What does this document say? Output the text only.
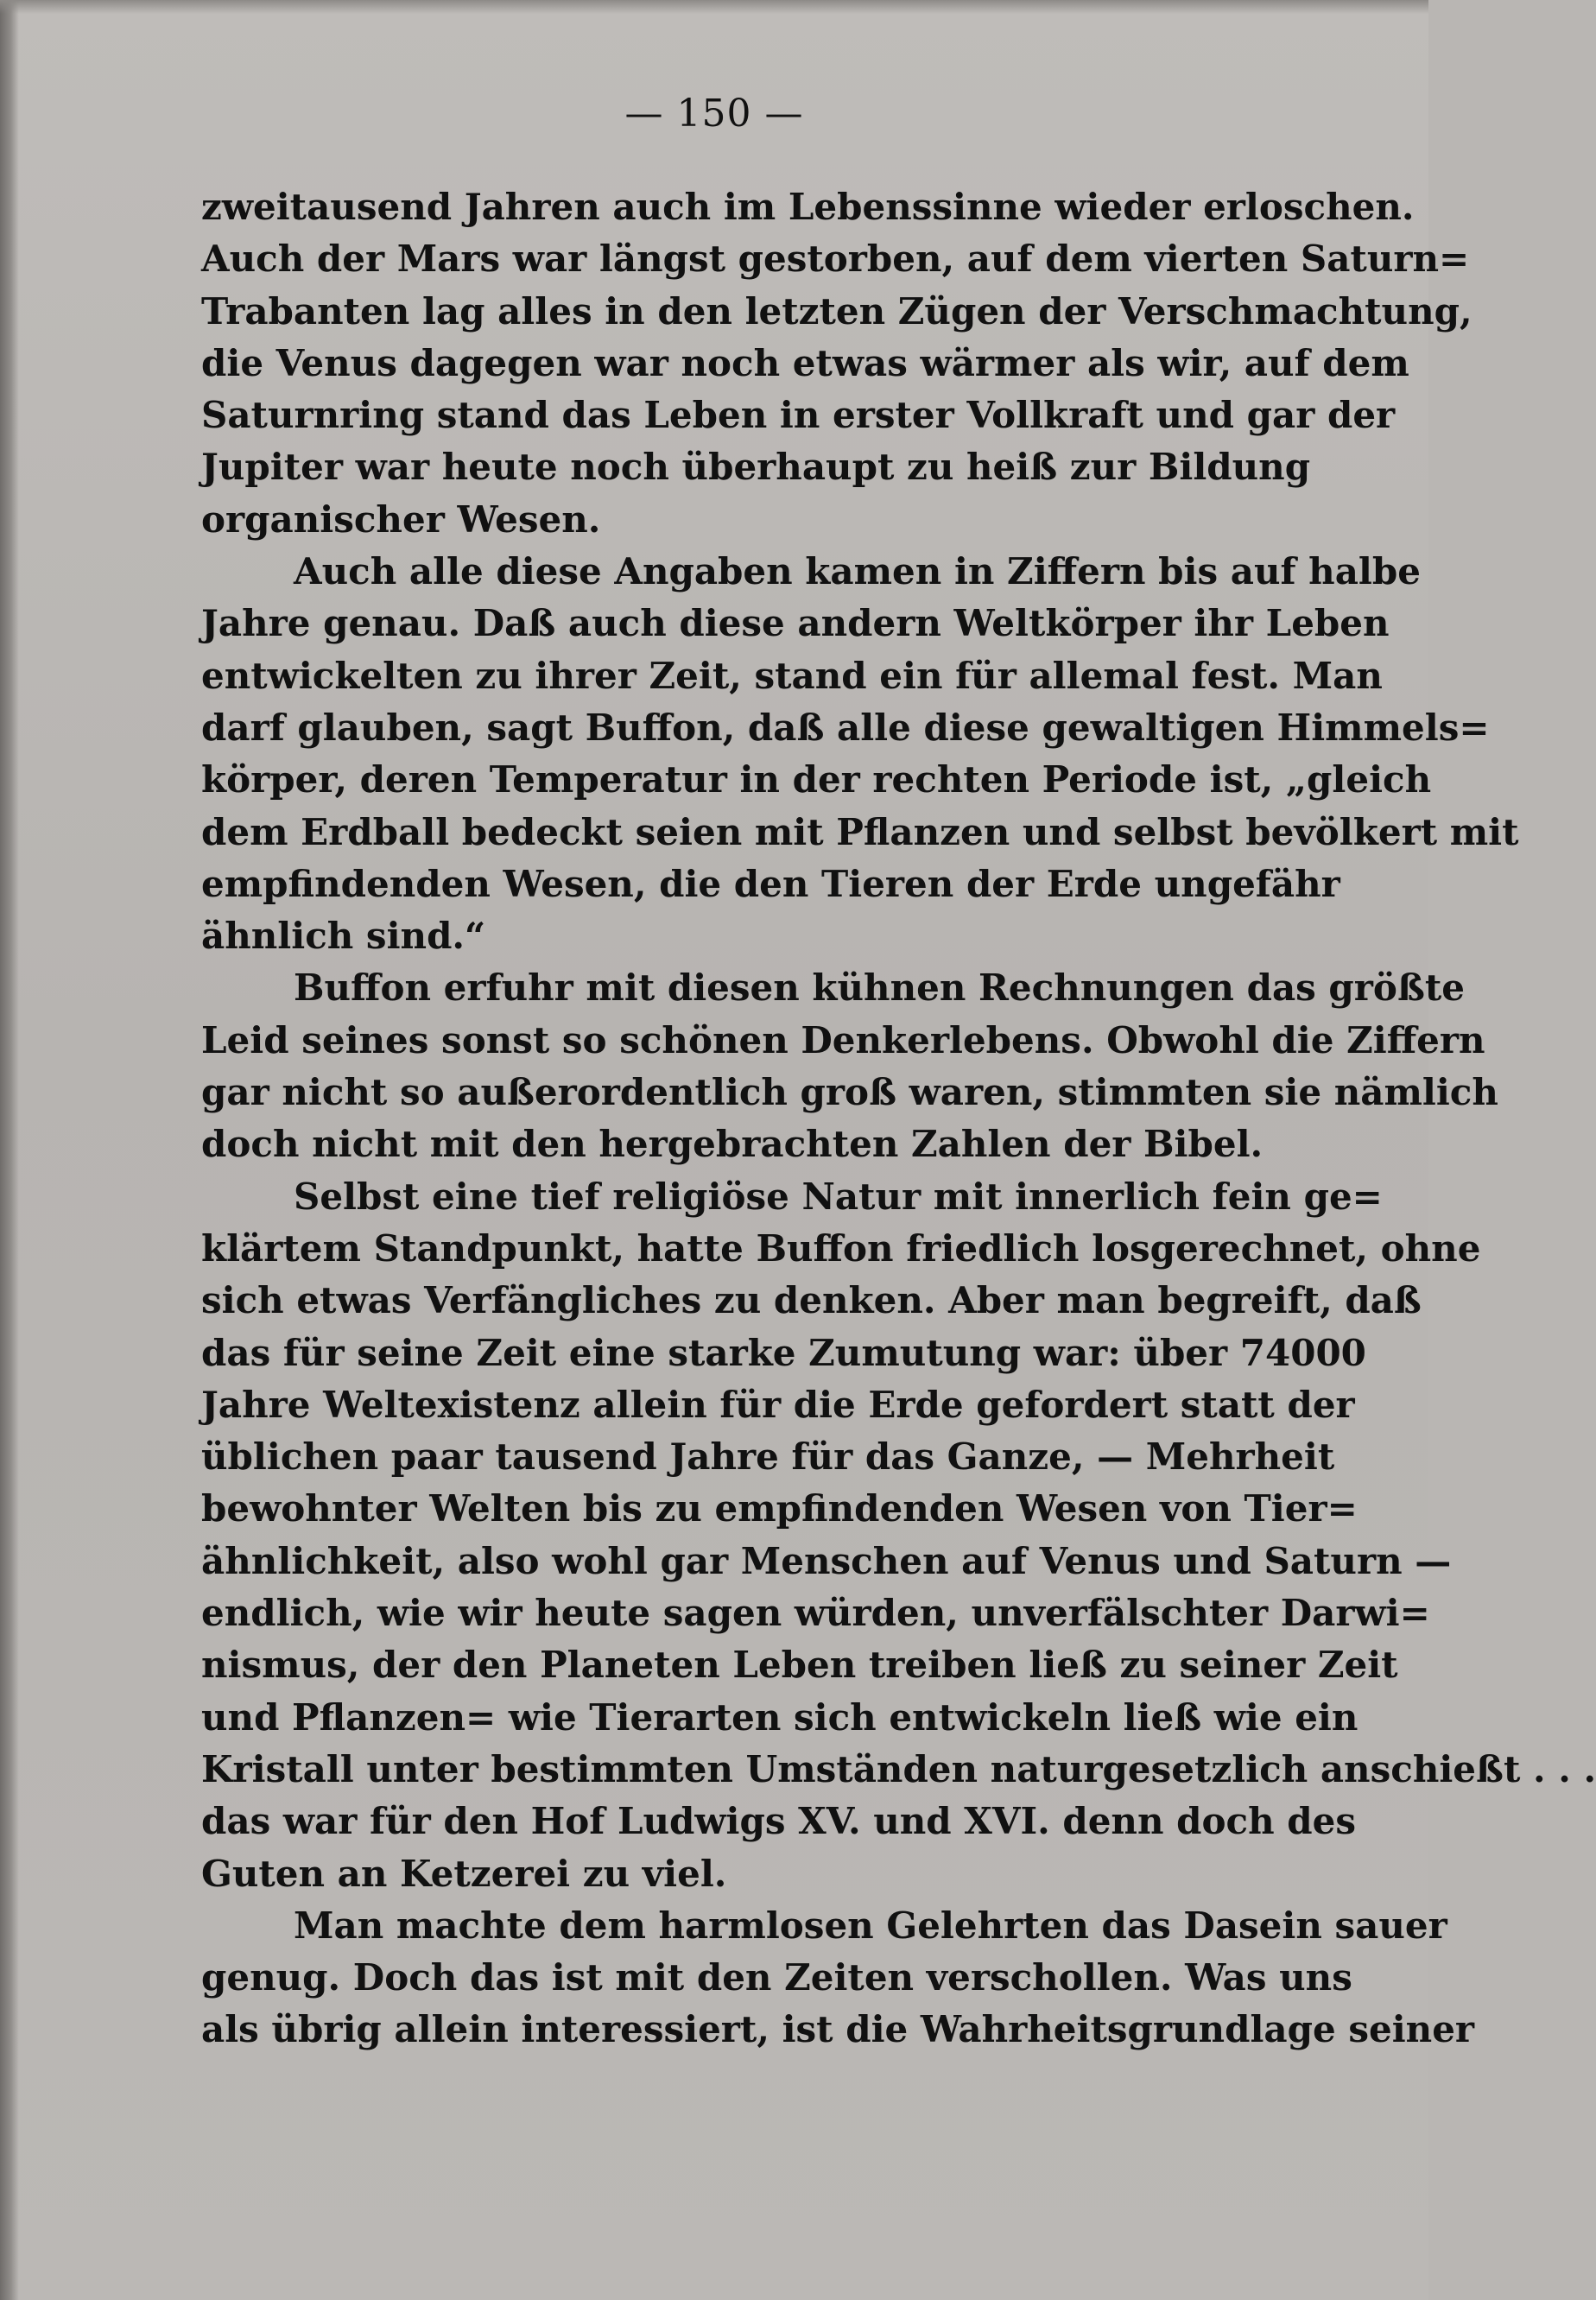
— 150 —
zweitausend Jahren auch im Lebenssinne wieder erloschen.
Auch der Mars war längst gestorben, auf dem vierten Saturn=
Trabanten lag alles in den letzten Zügen der Verschmachtung,
die Venus dagegen war noch etwas wärmer als wir, auf dem
Saturnring stand das Leben in erster Vollkraft und gar der
Jupiter war heute noch überhaupt zu heiß zur Bildung
organischer Wesen.
Auch alle diese Angaben kamen in Ziffern bis auf halbe
Jahre genau. Daß auch diese andern Weltkörper ihr Leben
entwickelten zu ihrer Zeit, stand ein für allemal fest. Man
darf glauben, sagt Buffon, daß alle diese gewaltigen Himmels=
körper, deren Temperatur in der rechten Periode ist, „gleich
dem Erdball bedeckt seien mit Pflanzen und selbst bevölkert mit
empfindenden Wesen, die den Tieren der Erde ungefähr
ähnlich sind.“
Buffon erfuhr mit diesen kühnen Rechnungen das größte
Leid seines sonst so schönen Denkerlebens. Obwohl die Ziffern
gar nicht so außerordentlich groß waren, stimmten sie nämlich
doch nicht mit den hergebrachten Zahlen der Bibel.
Selbst eine tief religiöse Natur mit innerlich fein ge=
klärtem Standpunkt, hatte Buffon friedlich losgerechnet, ohne
sich etwas Verfängliches zu denken. Aber man begreift, daß
das für seine Zeit eine starke Zumutung war: über 74000
Jahre Weltexistenz allein für die Erde gefordert statt der
üblichen paar tausend Jahre für das Ganze, — Mehrheit
bewohnter Welten bis zu empfindenden Wesen von Tier=
ähnlichkeit, also wohl gar Menschen auf Venus und Saturn —
endlich, wie wir heute sagen würden, unverfälschter Darwi=
nismus, der den Planeten Leben treiben ließ zu seiner Zeit
und Pflanzen= wie Tierarten sich entwickeln ließ wie ein
Kristall unter bestimmten Umständen naturgesetzlich anschießt . . .
das war für den Hof Ludwigs XV. und XVI. denn doch des
Guten an Ketzerei zu viel.
Man machte dem harmlosen Gelehrten das Dasein sauer
genug. Doch das ist mit den Zeiten verschollen. Was uns
als übrig allein interessiert, ist die Wahrheitsgrundlage seiner
